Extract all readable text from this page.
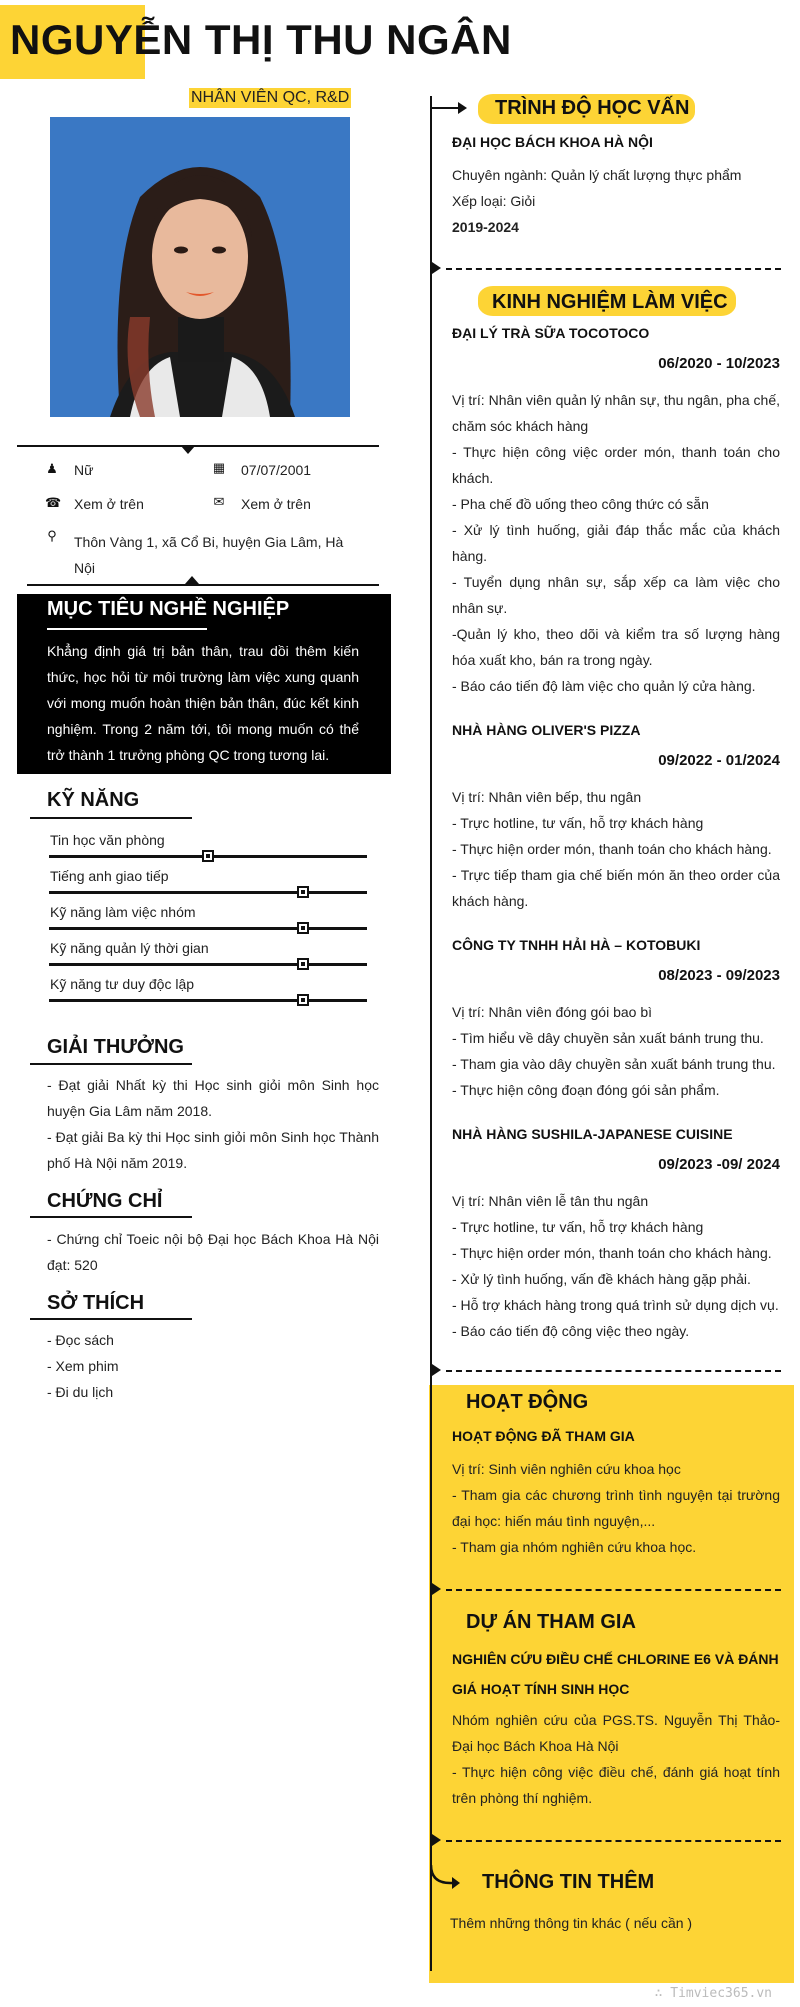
NGUYỄN THỊ THU NGÂN
NHÂN VIÊN QC, R&D
♟ Nữ	▦ 07/07/2001
☎ Xem ở trên	✉ Xem ở trên
⚲ Thôn Vàng 1, xã Cổ Bi, huyện Gia Lâm, Hà Nội
MỤC TIÊU NGHỀ NGHIỆP

Khẳng định giá trị bản thân, trau dồi thêm kiến thức, học hỏi từ môi trường làm việc xung quanh với mong muốn hoàn thiện bản thân, đúc kết kinh nghiệm. Trong 2 năm tới, tôi mong muốn có thể trở thành 1 trưởng phòng QC trong tương lai.

KỸ NĂNG
Tin học văn phòng
Tiếng anh giao tiếp
Kỹ năng làm việc nhóm
Kỹ năng quản lý thời gian
Kỹ năng tư duy độc lập
GIẢI THƯỞNG
- Đạt giải Nhất kỳ thi Học sinh giỏi môn Sinh học huyện Gia Lâm năm 2018.
- Đạt giải Ba kỳ thi Học sinh giỏi môn Sinh học Thành phố Hà Nội năm 2019.
CHỨNG CHỈ
- Chứng chỉ Toeic nội bộ Đại học Bách Khoa Hà Nội đạt: 520
SỞ THÍCH
- Đọc sách
- Xem phim
- Đi du lịch
TRÌNH ĐỘ HỌC VẤN
ĐẠI HỌC BÁCH KHOA HÀ NỘI
Chuyên ngành: Quản lý chất lượng thực phẩm
Xếp loại: Giỏi
2019-2024
KINH NGHIỆM LÀM VIỆC
ĐẠI LÝ TRÀ SỮA TOCOTOCO
06/2020 - 10/2023
Vị trí: Nhân viên quản lý nhân sự, thu ngân, pha chế, chăm sóc khách hàng
- Thực hiện công việc order món, thanh toán cho khách.
- Pha chế đồ uống theo công thức có sẵn
- Xử lý tình huống, giải đáp thắc mắc của khách hàng.
- Tuyển dụng nhân sự, sắp xếp ca làm việc cho nhân sự.
-Quản lý kho, theo dõi và kiểm tra số lượng hàng hóa xuất kho, bán ra trong ngày.
- Báo cáo tiến độ làm việc cho quản lý cửa hàng.
NHÀ HÀNG OLIVER'S PIZZA
09/2022 - 01/2024
Vị trí: Nhân viên bếp, thu ngân
- Trực hotline, tư vấn, hỗ trợ khách hàng
- Thực hiện order món, thanh toán cho khách hàng.
- Trực tiếp tham gia chế biến món ăn theo order của khách hàng.
CÔNG TY TNHH HẢI HÀ – KOTOBUKI
08/2023 - 09/2023
Vị trí: Nhân viên đóng gói bao bì
- Tìm hiểu về dây chuyền sản xuất bánh trung thu.
- Tham gia vào dây chuyền sản xuất bánh trung thu.
- Thực hiện công đoạn đóng gói sản phẩm.
NHÀ HÀNG SUSHILA-JAPANESE CUISINE
09/2023 -09/ 2024
Vị trí: Nhân viên lễ tân thu ngân
- Trực hotline, tư vấn, hỗ trợ khách hàng
- Thực hiện order món, thanh toán cho khách hàng.
- Xử lý tình huống, vấn đề khách hàng gặp phải.
- Hỗ trợ khách hàng trong quá trình sử dụng dịch vụ.
- Báo cáo tiến độ công việc theo ngày.
HOẠT ĐỘNG
HOẠT ĐỘNG ĐÃ THAM GIA
Vị trí: Sinh viên nghiên cứu khoa học
- Tham gia các chương trình tình nguyện tại trường đại học: hiến máu tình nguyện,...
- Tham gia nhóm nghiên cứu khoa học.
DỰ ÁN THAM GIA
NGHIÊN CỨU ĐIỀU CHẾ CHLORINE E6 VÀ ĐÁNH GIÁ HOẠT TÍNH SINH HỌC
Nhóm nghiên cứu của PGS.TS. Nguyễn Thị Thảo- Đại học Bách Khoa Hà Nội
- Thực hiện công việc điều chế, đánh giá hoạt tính trên phòng thí nghiệm.
THÔNG TIN THÊM
Thêm những thông tin khác ( nếu cần )
∴ Timviec365.vn
